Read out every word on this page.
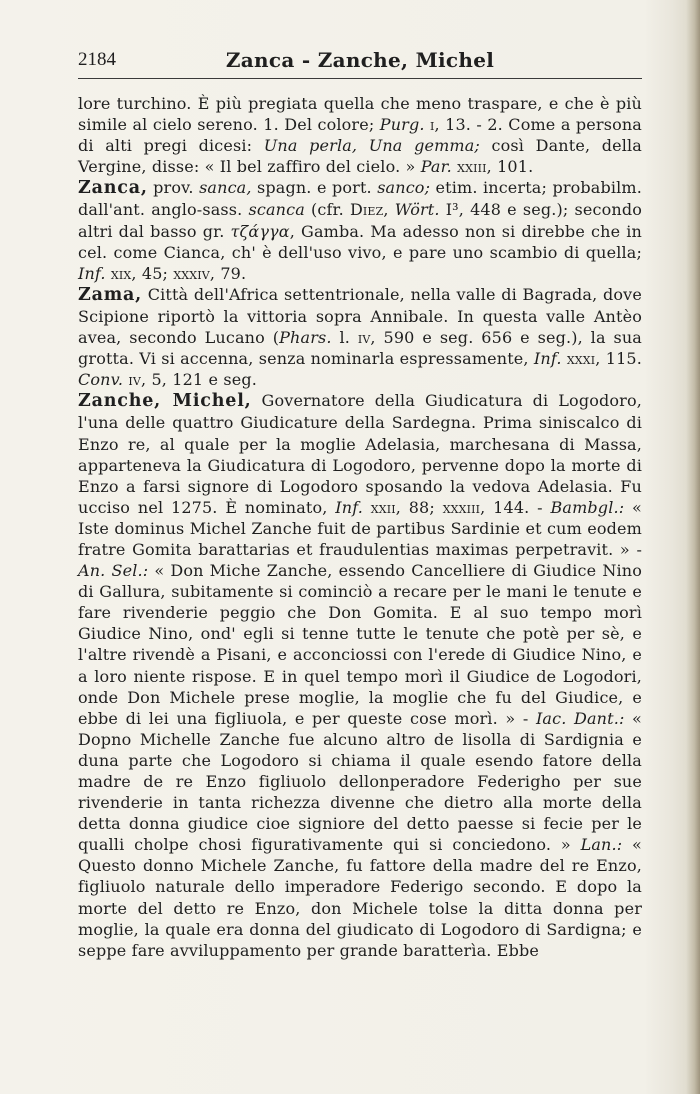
2184	Zanca - Zanche, Michel

lore turchino. È più pregiata quella che meno traspare, e che è più simile al cielo sereno. 1. Del colore; Purg. i, 13. - 2. Come a persona di alti pregi dicesi: Una perla, Una gemma; così Dante, della Vergine, disse: « Il bel zaffiro del cielo. » Par. xxiii, 101.

Zanca, prov. sanca, spagn. e port. sanco; etim. incerta; probabilm. dall'ant. anglo-sass. scanca (cfr. Diez, Wört. I³, 448 e seg.); secondo altri dal basso gr. τζάγγα, Gamba. Ma adesso non si direbbe che in cel. come Cianca, ch' è dell'uso vivo, e pare uno scambio di quella; Inf. xix, 45; xxxiv, 79.

Zama, Città dell'Africa settentrionale, nella valle di Bagrada, dove Scipione riportò la vittoria sopra Annibale. In questa valle Antèo avea, secondo Lucano (Phars. l. iv, 590 e seg. 656 e seg.), la sua grotta. Vi si accenna, senza nominarla espressamente, Inf. xxxi, 115. Conv. iv, 5, 121 e seg.

Zanche, Michel, Governatore della Giudicatura di Logodoro, l'una delle quattro Giudicature della Sardegna. Prima siniscalco di Enzo re, al quale per la moglie Adelasia, marchesana di Massa, apparteneva la Giudicatura di Logodoro, pervenne dopo la morte di Enzo a farsi signore di Logodoro sposando la vedova Adelasia. Fu ucciso nel 1275. È nominato, Inf. xxii, 88; xxxiii, 144. - Bambgl.: « Iste dominus Michel Zanche fuit de partibus Sardinie et cum eodem fratre Gomita barattarias et fraudulentias maximas perpetravit. » - An. Sel.: « Don Miche Zanche, essendo Cancelliere di Giudice Nino di Gallura, subitamente si cominciò a recare per le mani le tenute e fare rivenderie peggio che Don Gomita. E al suo tempo morì Giudice Nino, ond' egli si tenne tutte le tenute che potè per sè, e l'altre rivendè a Pisani, e acconciossi con l'erede di Giudice Nino, e a loro niente rispose. E in quel tempo morì il Giudice de Logodori, onde Don Michele prese moglie, la moglie che fu del Giudice, e ebbe di lei una figliuola, e per queste cose morì. » - Iac. Dant.: « Dopno Michelle Zanche fue alcuno altro de lisolla di Sardignia e duna parte che Logodoro si chiama il quale esendo fatore della madre de re Enzo figliuolo dellonperadore Federigho per sue rivenderie in tanta richezza divenne che dietro alla morte della detta donna giudice cioe signiore del detto paesse si fecie per le qualli cholpe chosi figurativamente qui si conciedono. » Lan.: « Questo donno Michele Zanche, fu fattore della madre del re Enzo, figliuolo naturale dello imperadore Federigo secondo. E dopo la morte del detto re Enzo, don Michele tolse la ditta donna per moglie, la quale era donna del giudicato di Logodoro di Sardigna; e seppe fare avviluppamento per grande baratterìa. Ebbe
